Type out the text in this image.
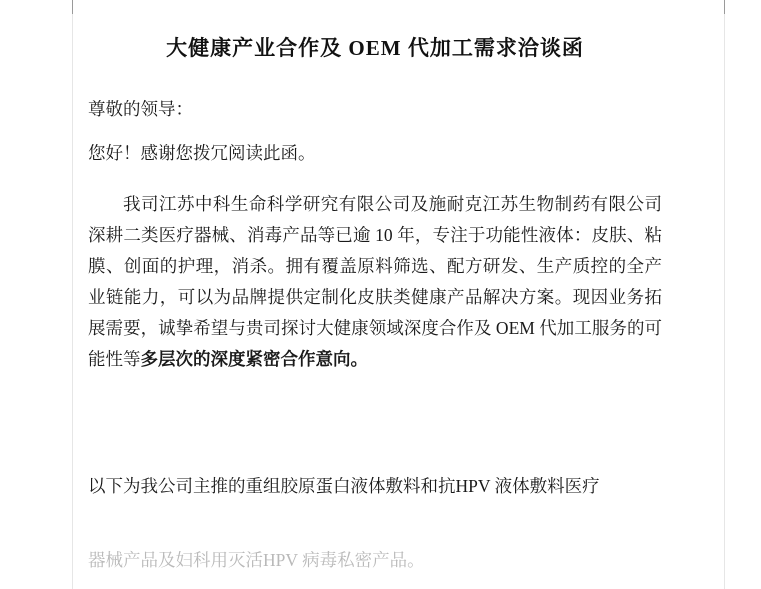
大健康产业合作及 OEM 代加工需求洽谈函

尊敬的领导：

您好！感谢您拨冗阅读此函。

我司江苏中科生命科学研究有限公司及施耐克江苏生物制药有限公司深耕二类医疗器械、消毒产品等已逾 10 年，专注于功能性液体：皮肤、粘膜、创面的护理，消杀。拥有覆盖原料筛选、配方研发、生产质控的全产业链能力，可以为品牌提供定制化皮肤类健康产品解决方案。现因业务拓展需要，诚挚希望与贵司探讨大健康领域深度合作及 OEM 代加工服务的可能性等多层次的深度紧密合作意向。

以下为我公司主推的重组胶原蛋白液体敷料和抗HPV 液体敷料医疗

器械产品及妇科用灭活HPV 病毒私密产品。
